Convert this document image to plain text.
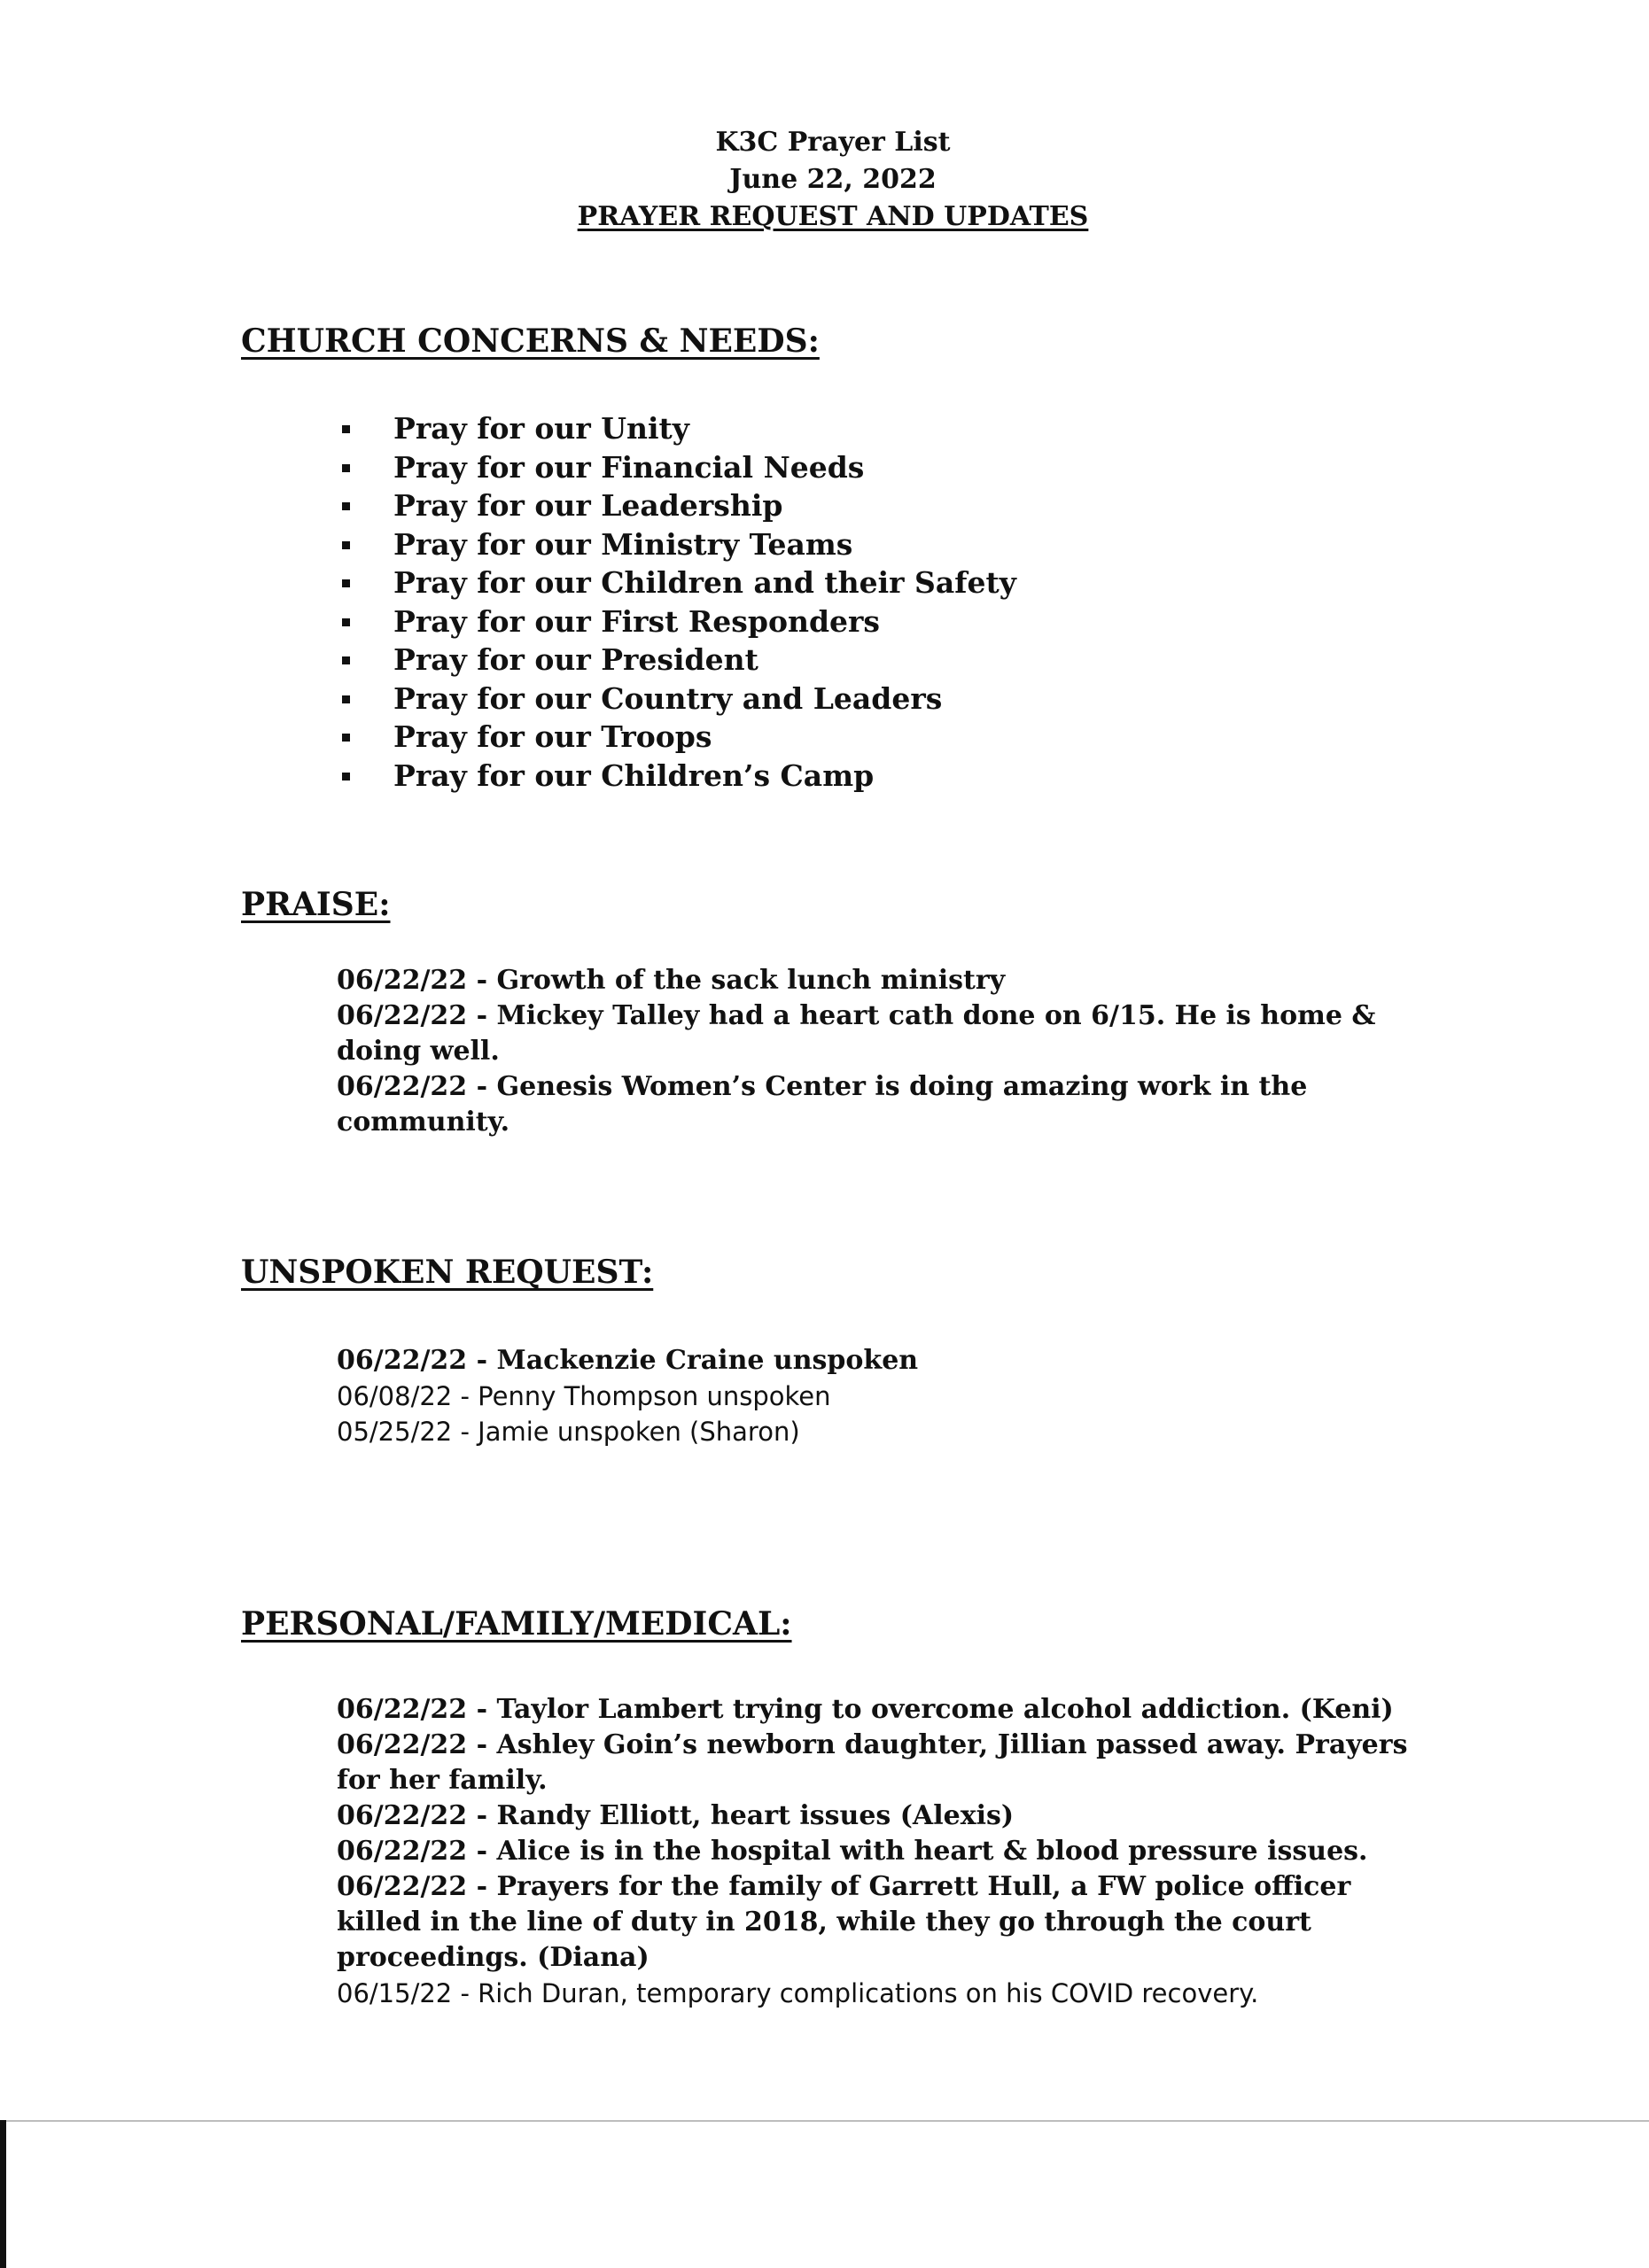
K3C Prayer List
June 22, 2022
PRAYER REQUEST AND UPDATES
CHURCH CONCERNS & NEEDS:
Pray for our Unity
Pray for our Financial Needs
Pray for our Leadership
Pray for our Ministry Teams
Pray for our Children and their Safety
Pray for our First Responders
Pray for our President
Pray for our Country and Leaders
Pray for our Troops
Pray for our Children’s Camp
PRAISE:
06/22/22 - Growth of the sack lunch ministry
06/22/22 - Mickey Talley had a heart cath done on 6/15. He is home & doing well.
06/22/22 - Genesis Women’s Center is doing amazing work in the community.
UNSPOKEN REQUEST:
06/22/22 - Mackenzie Craine unspoken
06/08/22 - Penny Thompson unspoken
05/25/22 - Jamie unspoken (Sharon)
PERSONAL/FAMILY/MEDICAL:
06/22/22 - Taylor Lambert trying to overcome alcohol addiction. (Keni)
06/22/22 - Ashley Goin’s newborn daughter, Jillian passed away. Prayers for her family.
06/22/22 - Randy Elliott, heart issues (Alexis)
06/22/22 - Alice is in the hospital with heart & blood pressure issues.
06/22/22 - Prayers for the family of Garrett Hull, a FW police officer killed in the line of duty in 2018, while they go through the court proceedings. (Diana)
06/15/22 - Rich Duran, temporary complications on his COVID recovery.
